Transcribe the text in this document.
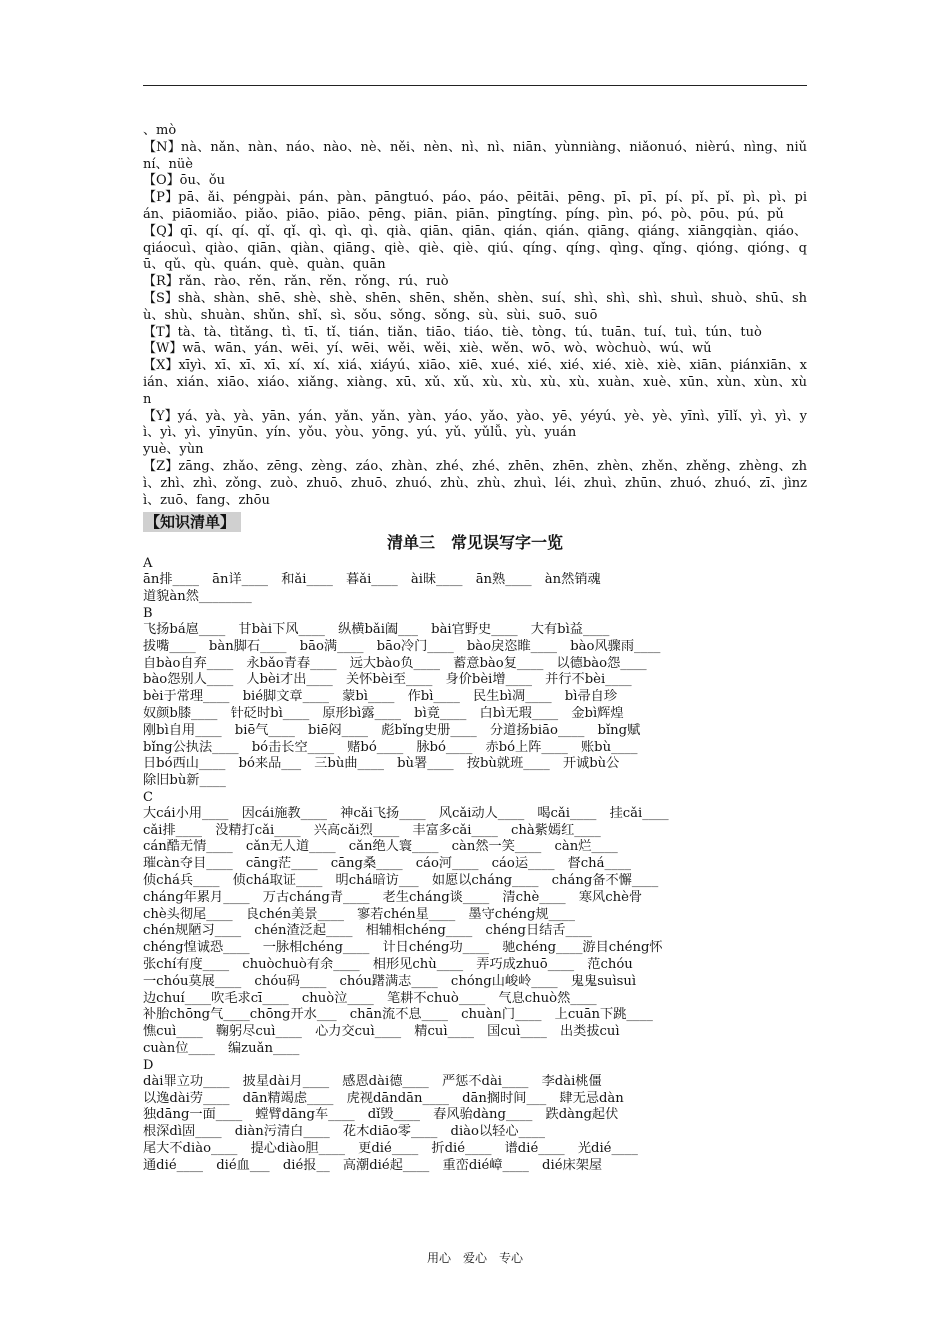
、mò
【N】nà、nǎn、nàn、náo、nào、nè、něi、nèn、nì、nì、niān、yùnniàng、niǎonuó、nièrú、nìng、niǔní、nüè
【O】ōu、ǒu
【P】pā、ǎi、péngpài、pán、pàn、pāngtuó、páo、páo、pēitāi、pēng、pī、pī、pí、pǐ、pǐ、pì、pì、pián、piāomiǎo、piǎo、piāo、piāo、pēng、piān、piān、pīngtíng、píng、pìn、pó、pò、pōu、pú、pǔ
【Q】qī、qí、qí、qǐ、qǐ、qì、qì、qì、qià、qiān、qiān、qián、qián、qiāng、qiáng、xiāngqiàn、qiáo、qiáocuì、qiào、qiān、qiàn、qiāng、qiè、qiè、qiè、qiú、qíng、qíng、qìng、qǐng、qióng、qióng、qū、qǔ、qù、quán、què、quàn、quān
【R】rǎn、rào、rěn、rǎn、rěn、rǒng、rú、ruò
【S】shà、shàn、shē、shè、shè、shēn、shēn、shěn、shèn、suí、shì、shì、shì、shuì、shuò、shū、shù、shù、shuàn、shǔn、shǐ、sì、sǒu、sǒng、sǒng、sù、sùi、suō、suō
【T】tà、tà、tìtǎng、tì、tī、tǐ、tián、tiǎn、tiāo、tiáo、tiè、tòng、tú、tuān、tuí、tuì、tún、tuò
【W】wā、wān、yán、wēi、yí、wēi、wěi、wěi、xiè、wěn、wō、wò、wòchuò、wú、wǔ
【X】xīyì、xī、xī、xī、xí、xí、xiá、xiáyú、xiāo、xiē、xué、xié、xié、xié、xiè、xiè、xiān、piánxiān、xián、xián、xiāo、xiáo、xiǎng、xiàng、xū、xǔ、xǔ、xù、xù、xù、xù、xuàn、xuè、xūn、xùn、xùn、xùn
【Y】yá、yà、yà、yān、yán、yǎn、yǎn、yàn、yáo、yǎo、yào、yē、yéyú、yè、yè、yīnì、yīlǐ、yì、yì、yì、yì、yì、yīnyūn、yín、yǒu、yòu、yōng、yú、yǔ、yǔlǚ、yù、yuán
yuè、yùn
【Z】zāng、zhǎo、zēng、zèng、záo、zhàn、zhé、zhé、zhēn、zhēn、zhèn、zhěn、zhěng、zhèng、zhì、zhì、zhì、zǒng、zuò、zhuō、zhuō、zhuó、zhù、zhù、zhuì、léi、zhuì、zhūn、zhuó、zhuó、zī、jìnzì、zuō、fang、zhōu
【知识清单】
清单三　常见误写字一览
A
ān排____　ān详____　和ǎi____　暮ǎi____　ài昧____　ān熟____　àn然销魂
道貌àn然________
B
飞扬bá扈____　甘bài下风____　纵横bǎi阖___　bài官野史____　大有bì益____
拔嘴____　bàn脚石____　bāo满____　bāo冷门____　bào戾恣睢____　bào风骤雨____
自bào自弃____　永bǎo青春____　远大bào负____　蓄意bào复____　以德bào怨____
bào怨别人____　人bèi才出____　关怀bèi至____　身价bèi增____　并行不bèi____
bèi于常理____　bié脚文章____　蒙bì____　作bì____　民生bì凋____　bì帚自珍
奴颜b膝____　针砭时bì____　原形bì露____　bì竟____　白bì无瑕____　金bì辉煌
刚bì自用____　biē气____　biē闷____　彪bǐng史册____　分道扬biāo____　bǐng赋
bǐng公执法____　bó击长空____　赌bó____　脉bó____　赤bó上阵____　账bù____
日bó西山____　bó来品___　三bù曲____　bù署____　按bù就班____　开诚bù公
除旧bù新____
C
大cái小用____　因cái施教____　神cǎi飞扬____　风cǎi动人____　喝cǎi____　挂cǎi____
cǎi排____　没精打cǎi____　兴高cǎi烈____　丰富多cǎi____　chà紫嫣红____
cán酷无情____　cǎn无人道____　cǎn绝人寰____　càn然一笑____　càn烂____
璀càn夺目____　cāng茫____　cāng桑____　cáo河____　cáo运____　督chá____
侦chá兵____　侦chá取证____　明chá暗访___　如愿以cháng____　cháng备不懈____
cháng年累月____　万古cháng青____　老生cháng谈____　清chè____　寒风chè骨
chè头彻尾____　良chén美景____　寥若chén星____　墨守chéng规____
chén规陋习____　chén渣泛起____　相辅相chéng____　chéng日结舌____
chéng惶诚恐____　一脉相chéng____　计日chéng功____　驰chéng____游目chéng怀
张chí有度____　chuòchuò有余____　相形见chù____　弄巧成zhuō____　范chóu
一chóu莫展____　chóu码____　chóu躇满志____　chóng山峻岭____　鬼鬼suìsuì
边chuí____吹毛求cī____　chuò泣____　笔耕不chuò____　气息chuò然____
补胎chōng气____chōng开水___　chān流不息____　chuàn门____　上cuān下跳____
憔cuì____　鞠躬尽cuì____　心力交cuì____　精cuì____　国cuì____　出类拔cuì
cuàn位____　编zuǎn____
D
dài罪立功____　披星dài月____　感恩dài德____　严惩不dài____　李dài桃僵
以逸dài劳____　dān精竭虑____　虎视dāndān____　dān搁时间___　肆无忌dàn
独dāng一面____　螳臂dāng车____　dǐ毁____　春风骀dàng____　跌dàng起伏
根深dì固____　diàn污清白____　花木diāo零____　diào以轻心____
尾大不diào____　提心diào胆____　更dié____　折dié____　谱dié____　光dié____
通dié____　dié血___　dié报__　高潮dié起____　重峦dié嶂____　dié床架屋
用心　爱心　专心
